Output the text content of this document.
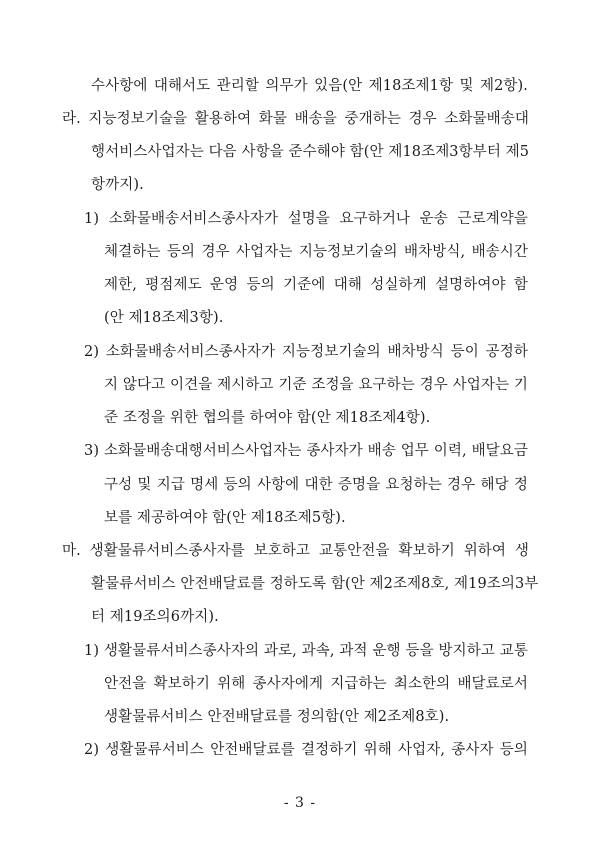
수사항에 대해서도 관리할 의무가 있음(안 제18조제1항 및 제2항).
라. 지능정보기술을 활용하여 화물 배송을 중개하는 경우 소화물배송대
행서비스사업자는 다음 사항을 준수해야 함(안 제18조제3항부터 제5
항까지).
1) 소화물배송서비스종사자가 설명을 요구하거나 운송 근로계약을
체결하는 등의 경우 사업자는 지능정보기술의 배차방식, 배송시간
제한, 평점제도 운영 등의 기준에 대해 성실하게 설명하여야 함
(안 제18조제3항).
2) 소화물배송서비스종사자가 지능정보기술의 배차방식 등이 공정하
지 않다고 이견을 제시하고 기준 조정을 요구하는 경우 사업자는 기
준 조정을 위한 협의를 하여야 함(안 제18조제4항).
3) 소화물배송대행서비스사업자는 종사자가 배송 업무 이력, 배달요금
구성 및 지급 명세 등의 사항에 대한 증명을 요청하는 경우 해당 정
보를 제공하여야 함(안 제18조제5항).
마. 생활물류서비스종사자를 보호하고 교통안전을 확보하기 위하여 생
활물류서비스 안전배달료를 정하도록 함(안 제2조제8호, 제19조의3부
터 제19조의6까지).
1) 생활물류서비스종사자의 과로, 과속, 과적 운행 등을 방지하고 교통
안전을 확보하기 위해 종사자에게 지급하는 최소한의 배달료로서
생활물류서비스 안전배달료를 정의함(안 제2조제8호).
2) 생활물류서비스 안전배달료를 결정하기 위해 사업자, 종사자 등의
- 3 -
